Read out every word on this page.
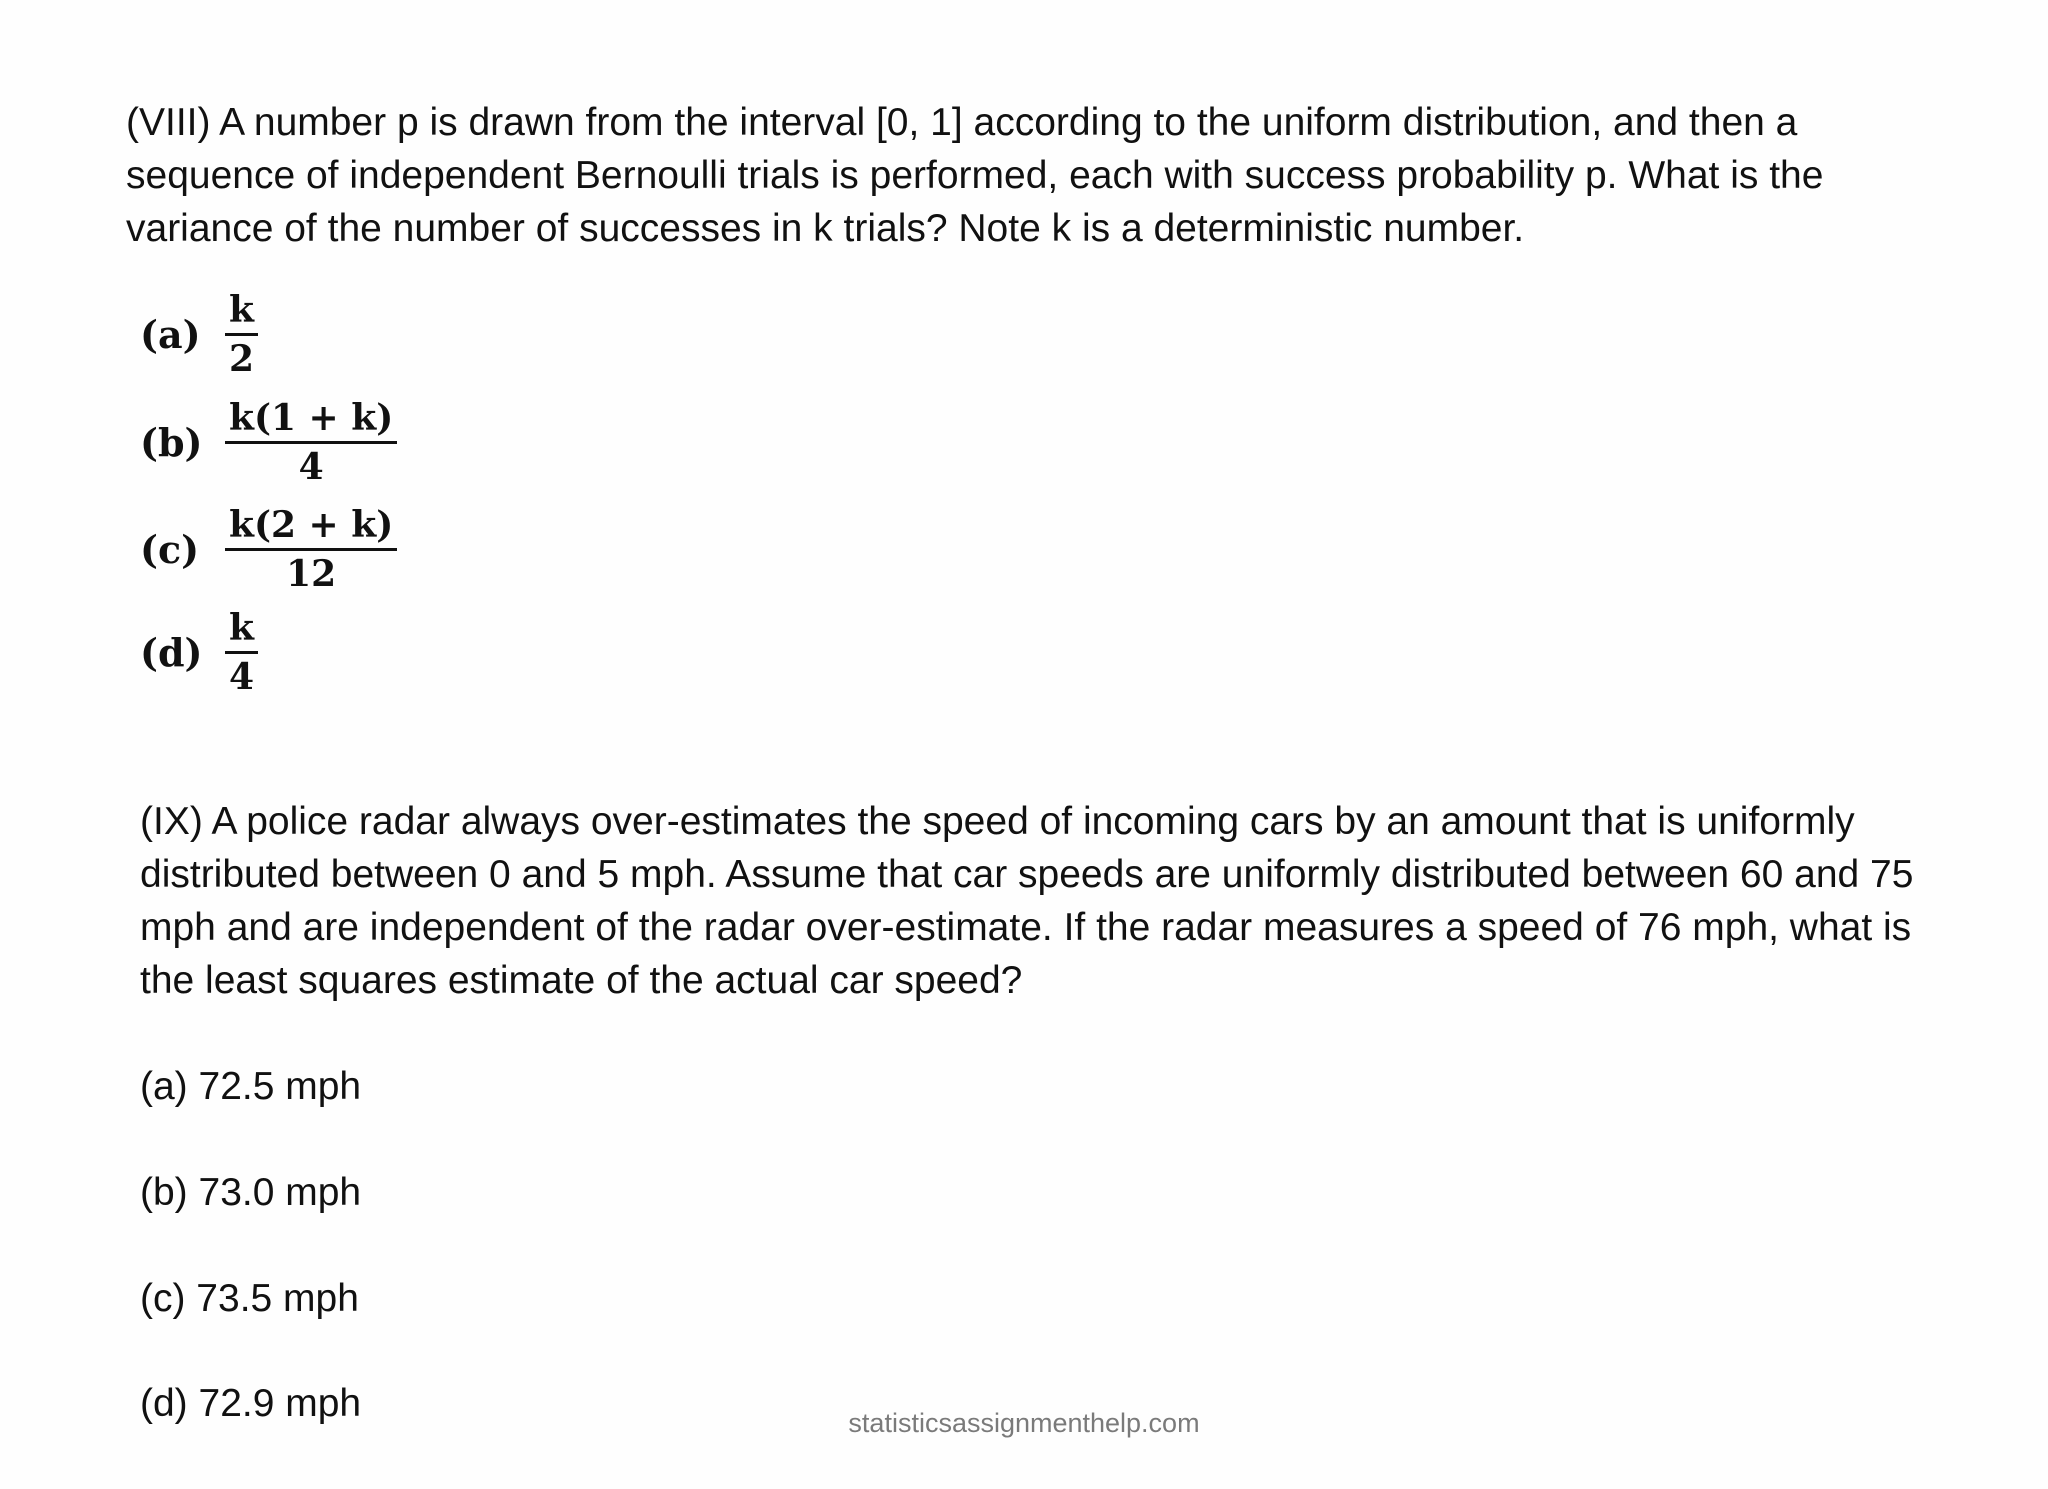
(VIII) A number p is drawn from the interval [0, 1] according to the uniform distribution, and then a sequence of independent Bernoulli trials is performed, each with success probability p. What is the variance of the number of successes in k trials? Note k is a deterministic number.

$(a) \frac{k}{2}$
$(b) \frac{k(1 + k)}{4}$
$(c) \frac{k(2 + k)}{12}$
$(d) \frac{k}{4}$

(IX) A police radar always over-estimates the speed of incoming cars by an amount that is uniformly distributed between 0 and 5 mph. Assume that car speeds are uniformly distributed between 60 and 75 mph and are independent of the radar over-estimate. If the radar measures a speed of 76 mph, what is the least squares estimate of the actual car speed?

(a) 72.5 mph

(b) 73.0 mph

(c) 73.5 mph

(d) 72.9 mph	statisticsassignmenthelp.com
